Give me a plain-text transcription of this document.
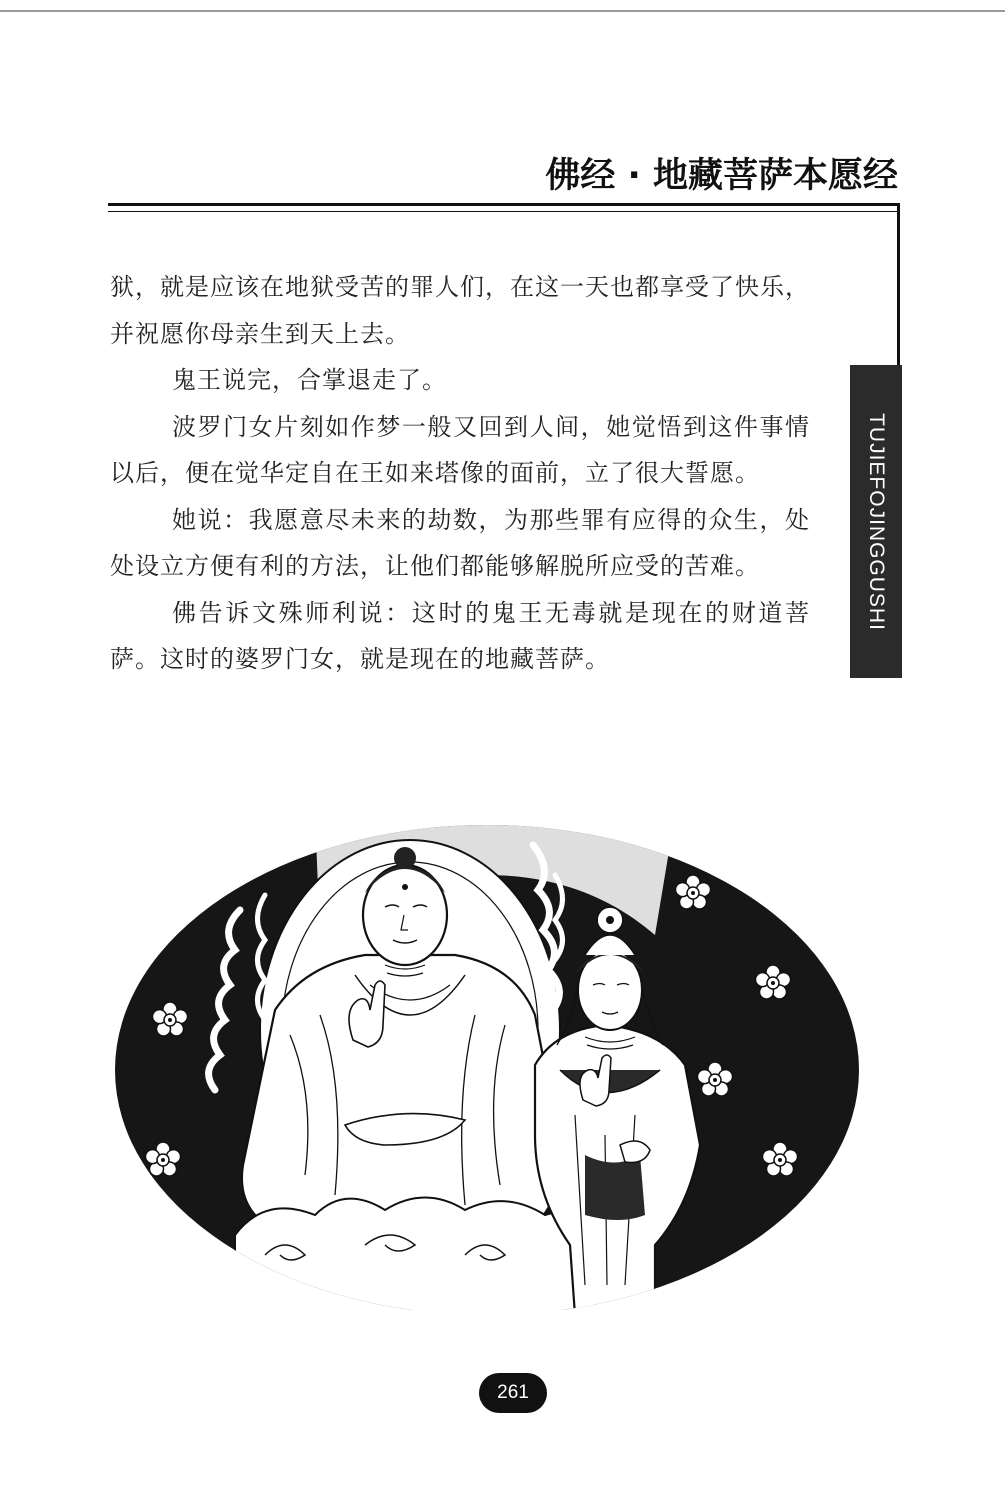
佛经 · 地藏菩萨本愿经
TUJIEFOJINGGUSHI

狱，就是应该在地狱受苦的罪人们，在这一天也都享受了快乐，并祝愿你母亲生到天上去。

鬼王说完，合掌退走了。

波罗门女片刻如作梦一般又回到人间，她觉悟到这件事情以后，便在觉华定自在王如来塔像的面前，立了很大誓愿。

她说：我愿意尽未来的劫数，为那些罪有应得的众生，处处设立方便有利的方法，让他们都能够解脱所应受的苦难。

佛告诉文殊师利说：这时的鬼王无毒就是现在的财道菩萨。这时的婆罗门女，就是现在的地藏菩萨。

261
